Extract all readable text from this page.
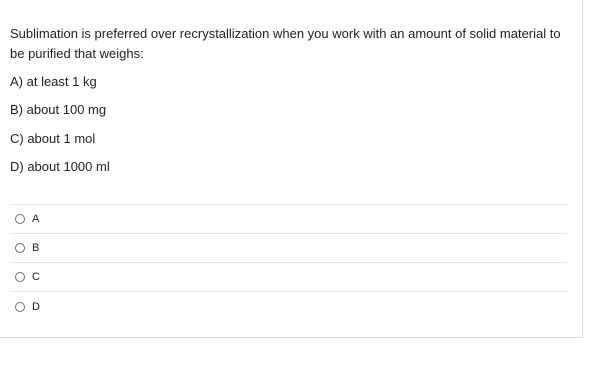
Sublimation is preferred over recrystallization when you work with an amount of solid material to be purified that weighs:

A) at least 1 kg

B) about 100 mg

C) about 1 mol

D) about 1000 ml

A
B
C
D
